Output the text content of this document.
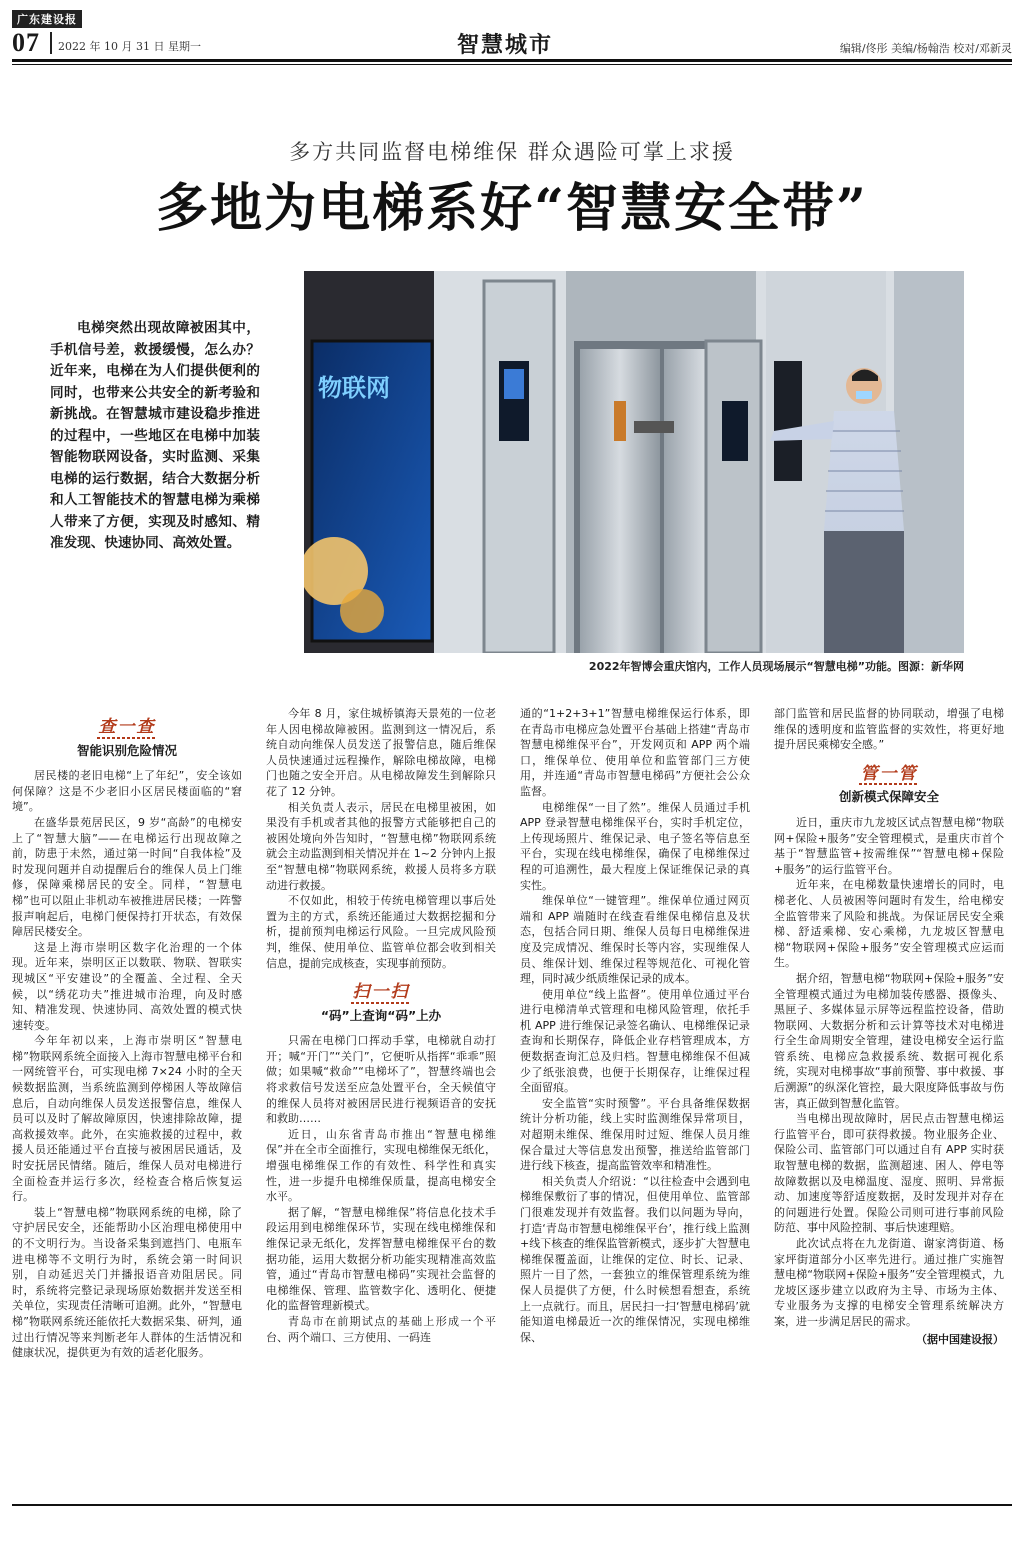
广东建设报
07 2022 年 10 月 31 日 星期一	智慧城市	编辑/佟彤 美编/杨翰浩 校对/邓新灵
多方共同监督电梯维保 群众遇险可掌上求援
多地为电梯系好“智慧安全带”
电梯突然出现故障被困其中，手机信号差，救援缓慢，怎么办？近年来，电梯在为人们提供便利的同时，也带来公共安全的新考验和新挑战。在智慧城市建设稳步推进的过程中，一些地区在电梯中加装智能物联网设备，实时监测、采集电梯的运行数据，结合大数据分析和人工智能技术的智慧电梯为乘梯人带来了方便，实现及时感知、精准发现、快速协同、高效处置。
物联网
2022年智博会重庆馆内，工作人员现场展示“智慧电梯”功能。图源：新华网
查一查
智能识别危险情况

居民楼的老旧电梯“上了年纪”，安全该如何保障？这是不少老旧小区居民楼面临的“窘境”。

在盛华景苑居民区，9 岁“高龄”的电梯安上了“智慧大脑”——在电梯运行出现故障之前，防患于未然，通过第一时间“自我体检”及时发现问题并自动提醒后台的维保人员上门维修，保障乘梯居民的安全。同样，“智慧电梯”也可以阻止非机动车被推进居民楼；一阵警报声响起后，电梯门便保持打开状态，有效保障居民楼安全。

这是上海市崇明区数字化治理的一个体现。近年来，崇明区正以数联、物联、智联实现城区“平安建设”的全覆盖、全过程、全天候，以“绣花功夫”推进城市治理，向及时感知、精准发现、快速协同、高效处置的模式快速转变。

今年年初以来，上海市崇明区“智慧电梯”物联网系统全面接入上海市智慧电梯平台和一网统管平台，可实现电梯 7×24 小时的全天候数据监测，当系统监测到停梯困人等故障信息后，自动向维保人员发送报警信息，维保人员可以及时了解故障原因，快速排除故障，提高救援效率。此外，在实施救援的过程中，救援人员还能通过平台直接与被困居民通话，及时安抚居民情绪。随后，维保人员对电梯进行全面检查并运行多次，经检查合格后恢复运行。

装上“智慧电梯”物联网系统的电梯，除了守护居民安全，还能帮助小区治理电梯使用中的不文明行为。当设备采集到遮挡门、电瓶车进电梯等不文明行为时，系统会第一时间识别，自动延迟关门并播报语音劝阻居民。同时，系统将完整记录现场原始数据并发送至相关单位，实现责任清晰可追溯。此外，“智慧电梯”物联网系统还能依托大数据采集、研判，通过出行情况等来判断老年人群体的生活情况和健康状况，提供更为有效的适老化服务。

今年 8 月，家住城桥镇海天景苑的一位老年人因电梯故障被困。监测到这一情况后，系统自动向维保人员发送了报警信息，随后维保人员快速通过远程操作，解除电梯故障，电梯门也随之安全开启。从电梯故障发生到解除只花了 12 分钟。

相关负责人表示，居民在电梯里被困，如果没有手机或者其他的报警方式能够把自己的被困处境向外告知时，“智慧电梯”物联网系统就会主动监测到相关情况并在 1~2 分钟内上报至“智慧电梯”物联网系统，救援人员将多方联动进行救援。

不仅如此，相较于传统电梯管理以事后处置为主的方式，系统还能通过大数据挖掘和分析，提前预判电梯运行风险。一旦完成风险预判，维保、使用单位、监管单位都会收到相关信息，提前完成核查，实现事前预防。

扫一扫
“码”上查询“码”上办

只需在电梯门口挥动手掌，电梯就自动打开；喊“开门”“关门”，它便听从指挥“乖乖”照做；如果喊“救命”“电梯坏了”，智慧终端也会将求救信号发送至应急处置平台，全天候值守的维保人员将对被困居民进行视频语音的安抚和救助……

近日，山东省青岛市推出“智慧电梯维保”并在全市全面推行，实现电梯维保无纸化，增强电梯维保工作的有效性、科学性和真实性，进一步提升电梯维保质量，提高电梯安全水平。

据了解，“智慧电梯维保”将信息化技术手段运用到电梯维保环节，实现在线电梯维保和维保记录无纸化，发挥智慧电梯维保平台的数据功能，运用大数据分析功能实现精准高效监管，通过“青岛市智慧电梯码”实现社会监督的电梯维保、管理、监管数字化、透明化、便捷化的监督管理新模式。

青岛市在前期试点的基础上形成一个平台、两个端口、三方使用、一码连

通的“1+2+3+1”智慧电梯维保运行体系，即在青岛市电梯应急处置平台基础上搭建“青岛市智慧电梯维保平台”，开发网页和 APP 两个端口，维保单位、使用单位和监管部门三方使用，并连通“青岛市智慧电梯码”方便社会公众监督。

电梯维保“一目了然”。维保人员通过手机 APP 登录智慧电梯维保平台，实时手机定位，上传现场照片、维保记录、电子签名等信息至平台，实现在线电梯维保，确保了电梯维保过程的可追溯性，最大程度上保证维保记录的真实性。

维保单位“一键管理”。维保单位通过网页端和 APP 端随时在线查看维保电梯信息及状态，包括合同日期、维保人员每日电梯维保进度及完成情况、维保时长等内容，实现维保人员、维保计划、维保过程等规范化、可视化管理，同时减少纸质维保记录的成本。

使用单位“线上监督”。使用单位通过平台进行电梯清单式管理和电梯风险管理，依托手机 APP 进行维保记录签名确认、电梯维保记录查询和长期保存，降低企业存档管理成本，方便数据查询汇总及归档。智慧电梯维保不但减少了纸张浪费，也便于长期保存，让维保过程全面留痕。

安全监管“实时预警”。平台具备维保数据统计分析功能，线上实时监测维保异常项目，对超期未维保、维保用时过短、维保人员月维保合量过大等信息发出预警，推送给监管部门进行线下核查，提高监管效率和精准性。

相关负责人介绍说：“以往检查中会遇到电梯维保敷衍了事的情况，但使用单位、监管部门很难发现并有效监督。我们以问题为导向，打造‘青岛市智慧电梯维保平台’，推行线上监测+线下核查的维保监管新模式，逐步扩大智慧电梯维保覆盖面，让维保的定位、时长、记录、照片一目了然，一套独立的维保管理系统为维保人员提供了方便，什么时候想看想查，系统上一点就行。而且，居民扫一扫‘智慧电梯码’就能知道电梯最近一次的维保情况，实现电梯维保、

部门监管和居民监督的协同联动，增强了电梯维保的透明度和监管监督的实效性，将更好地提升居民乘梯安全感。”

管一管
创新模式保障安全

近日，重庆市九龙坡区试点智慧电梯“物联网+保险+服务”安全管理模式，是重庆市首个基于“智慧监管+按需维保”“智慧电梯+保险+服务”的运行监管平台。

近年来，在电梯数量快速增长的同时，电梯老化、人员被困等问题时有发生，给电梯安全监管带来了风险和挑战。为保证居民安全乘梯、舒适乘梯、安心乘梯，九龙坡区智慧电梯“物联网+保险+服务”安全管理模式应运而生。

据介绍，智慧电梯“物联网+保险+服务”安全管理模式通过为电梯加装传感器、摄像头、黑匣子、多媒体显示屏等远程监控设备，借助物联网、大数据分析和云计算等技术对电梯进行全生命周期安全管理，建设电梯安全运行监管系统、电梯应急救援系统、数据可视化系统，实现对电梯事故“事前预警、事中救援、事后溯源”的纵深化管控，最大限度降低事故与伤害，真正做到智慧化监管。

当电梯出现故障时，居民点击智慧电梯运行监管平台，即可获得救援。物业服务企业、保险公司、监管部门可以通过自有 APP 实时获取智慧电梯的数据，监测超速、困人、停电等故障数据以及电梯温度、湿度、照明、异常振动、加速度等舒适度数据，及时发现并对存在的问题进行处置。保险公司则可进行事前风险防范、事中风险控制、事后快速理赔。

此次试点将在九龙街道、谢家湾街道、杨家坪街道部分小区率先进行。通过推广实施智慧电梯“物联网+保险+服务”安全管理模式，九龙坡区逐步建立以政府为主导、市场为主体、专业服务为支撑的电梯安全管理系统解决方案，进一步满足居民的需求。

（据中国建设报）
